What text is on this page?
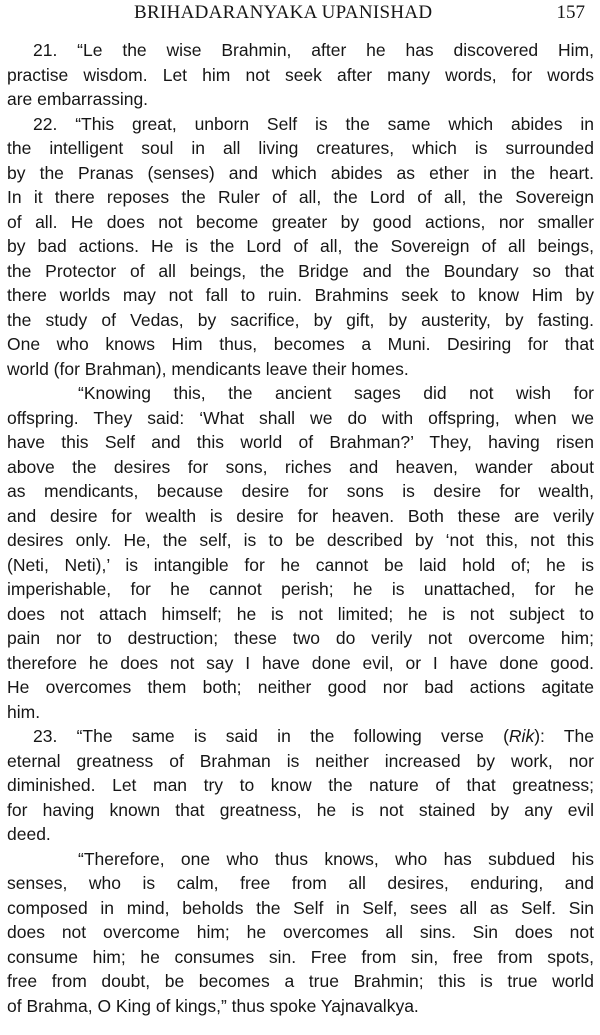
BRIHADARANYAKA UPANISHAD	157
21. “Le the wise Brahmin, after he has discovered Him,
practise wisdom. Let him not seek after many words, for words
are embarrassing.
22. “This great, unborn Self is the same which abides in
the intelligent soul in all living creatures, which is surrounded
by the Pranas (senses) and which abides as ether in the heart.
In it there reposes the Ruler of all, the Lord of all, the Sovereign
of all. He does not become greater by good actions, nor smaller
by bad actions. He is the Lord of all, the Sovereign of all beings,
the Protector of all beings, the Bridge and the Boundary so that
there worlds may not fall to ruin. Brahmins seek to know Him by
the study of Vedas, by sacrifice, by gift, by austerity, by fasting.
One who knows Him thus, becomes a Muni. Desiring for that
world (for Brahman), mendicants leave their homes.
“Knowing this, the ancient sages did not wish for
offspring. They said: ‘What shall we do with offspring, when we
have this Self and this world of Brahman?’ They, having risen
above the desires for sons, riches and heaven, wander about
as mendicants, because desire for sons is desire for wealth,
and desire for wealth is desire for heaven. Both these are verily
desires only. He, the self, is to be described by ‘not this, not this
(Neti, Neti),’ is intangible for he cannot be laid hold of; he is
imperishable, for he cannot perish; he is unattached, for he
does not attach himself; he is not limited; he is not subject to
pain nor to destruction; these two do verily not overcome him;
therefore he does not say I have done evil, or I have done good.
He overcomes them both; neither good nor bad actions agitate
him.
23. “The same is said in the following verse (Rik): The
eternal greatness of Brahman is neither increased by work, nor
diminished. Let man try to know the nature of that greatness;
for having known that greatness, he is not stained by any evil
deed.
“Therefore, one who thus knows, who has subdued his
senses, who is calm, free from all desires, enduring, and
composed in mind, beholds the Self in Self, sees all as Self. Sin
does not overcome him; he overcomes all sins. Sin does not
consume him; he consumes sin. Free from sin, free from spots,
free from doubt, be becomes a true Brahmin; this is true world
of Brahma, O King of kings,” thus spoke Yajnavalkya.
